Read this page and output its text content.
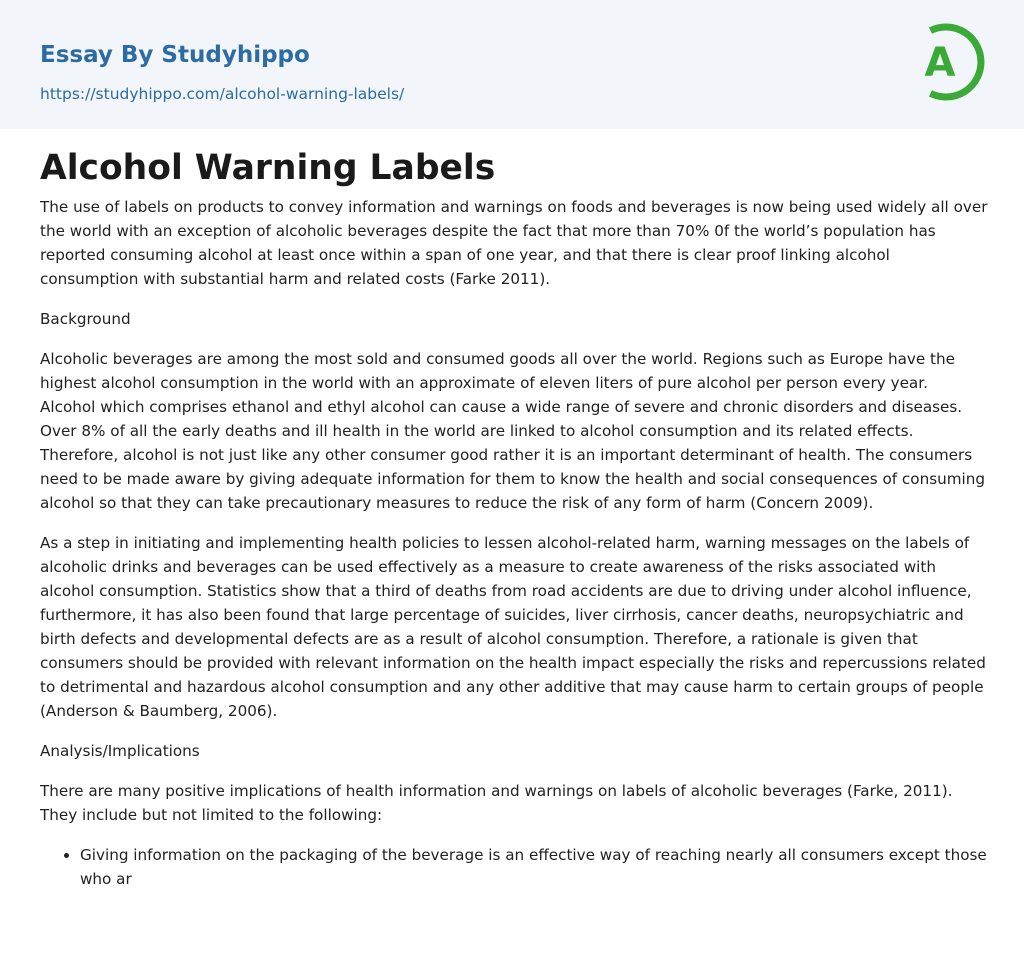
Essay By Studyhippo
https://studyhippo.com/alcohol-warning-labels/
A
Alcohol Warning Labels

The use of labels on products to convey information and warnings on foods and beverages is now being used widely all over the world with an exception of alcoholic beverages despite the fact that more than 70% 0f the world’s population has reported consuming alcohol at least once within a span of one year, and that there is clear proof linking alcohol consumption with substantial harm and related costs (Farke 2011).

Background

Alcoholic beverages are among the most sold and consumed goods all over the world. Regions such as Europe have the highest alcohol consumption in the world with an approximate of eleven liters of pure alcohol per person every year. Alcohol which comprises ethanol and ethyl alcohol can cause a wide range of severe and chronic disorders and diseases. Over 8% of all the early deaths and ill health in the world are linked to alcohol consumption and its related effects. Therefore, alcohol is not just like any other consumer good rather it is an important determinant of health. The consumers need to be made aware by giving adequate information for them to know the health and social consequences of consuming alcohol so that they can take precautionary measures to reduce the risk of any form of harm (Concern 2009).

As a step in initiating and implementing health policies to lessen alcohol-related harm, warning messages on the labels of alcoholic drinks and beverages can be used effectively as a measure to create awareness of the risks associated with alcohol consumption. Statistics show that a third of deaths from road accidents are due to driving under alcohol influence, furthermore, it has also been found that large percentage of suicides, liver cirrhosis, cancer deaths, neuropsychiatric and birth defects and developmental defects are as a result of alcohol consumption. Therefore, a rationale is given that consumers should be provided with relevant information on the health impact especially the risks and repercussions related to detrimental and hazardous alcohol consumption and any other additive that may cause harm to certain groups of people (Anderson & Baumberg, 2006).

Analysis/Implications

There are many positive implications of health information and warnings on labels of alcoholic beverages (Farke, 2011). They include but not limited to the following:

• Giving information on the packaging of the beverage is an effective way of reaching nearly all consumers except those who ar
